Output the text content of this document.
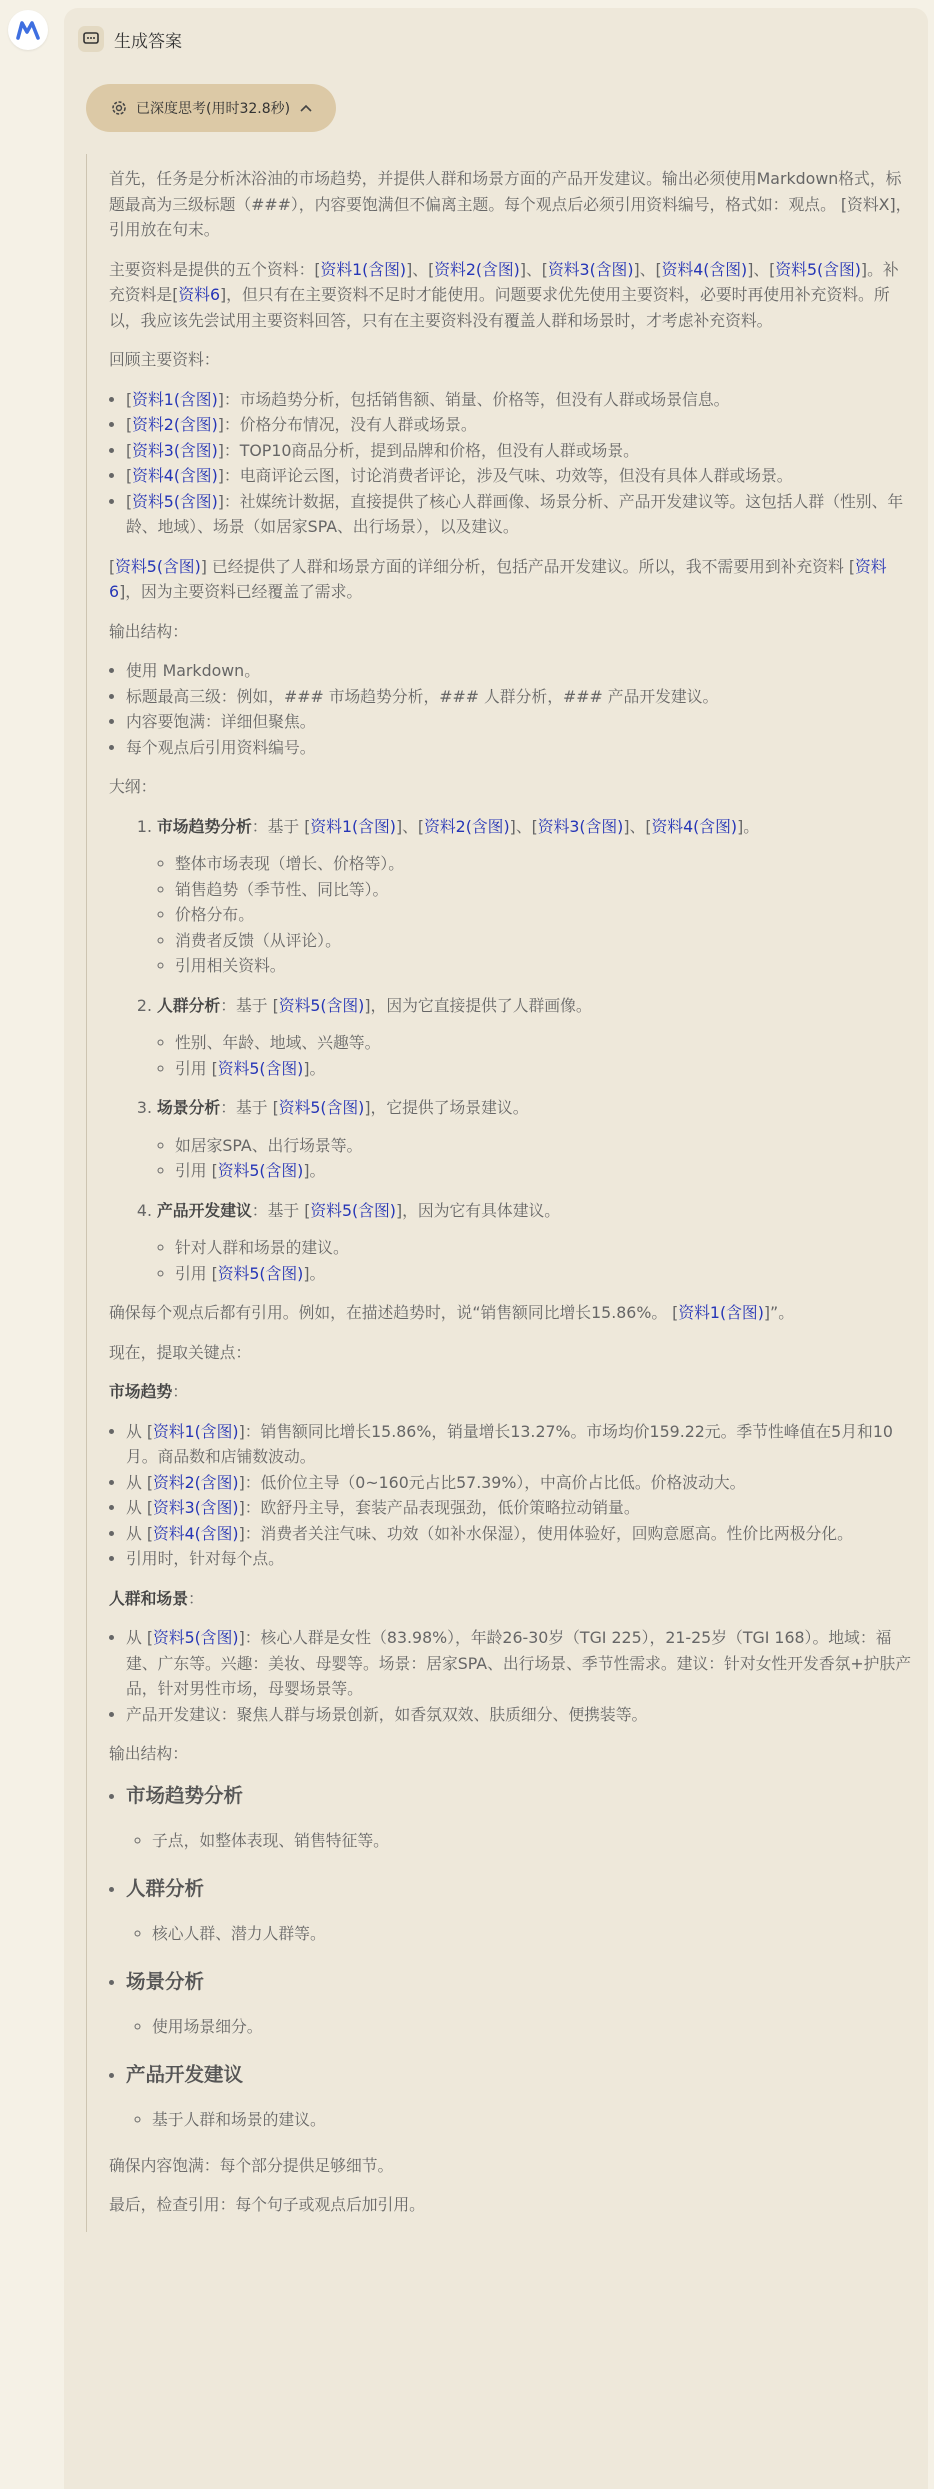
生成答案
已深度思考(用时32.8秒)

首先，任务是分析沐浴油的市场趋势，并提供人群和场景方面的产品开发建议。输出必须使用Markdown格式，标题最高为三级标题（###），内容要饱满但不偏离主题。每个观点后必须引用资料编号，格式如：观点。 [资料X]，引用放在句末。

主要资料是提供的五个资料：[资料1(含图)]、[资料2(含图)]、[资料3(含图)]、[资料4(含图)]、[资料5(含图)]。补充资料是[资料6]，但只有在主要资料不足时才能使用。问题要求优先使用主要资料，必要时再使用补充资料。所以，我应该先尝试用主要资料回答，只有在主要资料没有覆盖人群和场景时，才考虑补充资料。

回顾主要资料：

• [资料1(含图)]：市场趋势分析，包括销售额、销量、价格等，但没有人群或场景信息。
• [资料2(含图)]：价格分布情况，没有人群或场景。
• [资料3(含图)]：TOP10商品分析，提到品牌和价格，但没有人群或场景。
• [资料4(含图)]：电商评论云图，讨论消费者评论，涉及气味、功效等，但没有具体人群或场景。
• [资料5(含图)]：社媒统计数据，直接提供了核心人群画像、场景分析、产品开发建议等。这包括人群（性别、年龄、地域）、场景（如居家SPA、出行场景），以及建议。

[资料5(含图)] 已经提供了人群和场景方面的详细分析，包括产品开发建议。所以，我不需要用到补充资料 [资料6]，因为主要资料已经覆盖了需求。

输出结构：

• 使用 Markdown。
• 标题最高三级：例如，### 市场趋势分析，### 人群分析，### 产品开发建议。
• 内容要饱满：详细但聚焦。
• 每个观点后引用资料编号。

大纲：

1. 市场趋势分析：基于 [资料1(含图)]、[资料2(含图)]、[资料3(含图)]、[资料4(含图)]。
◦ 整体市场表现（增长、价格等）。
◦ 销售趋势（季节性、同比等）。
◦ 价格分布。
◦ 消费者反馈（从评论）。
◦ 引用相关资料。
2. 人群分析：基于 [资料5(含图)]，因为它直接提供了人群画像。
◦ 性别、年龄、地域、兴趣等。
◦ 引用 [资料5(含图)]。
3. 场景分析：基于 [资料5(含图)]，它提供了场景建议。
◦ 如居家SPA、出行场景等。
◦ 引用 [资料5(含图)]。
4. 产品开发建议：基于 [资料5(含图)]，因为它有具体建议。
◦ 针对人群和场景的建议。
◦ 引用 [资料5(含图)]。

确保每个观点后都有引用。例如，在描述趋势时，说“销售额同比增长15.86%。 [资料1(含图)]”。

现在，提取关键点：

市场趋势：

• 从 [资料1(含图)]：销售额同比增长15.86%，销量增长13.27%。市场均价159.22元。季节性峰值在5月和10月。商品数和店铺数波动。
• 从 [资料2(含图)]：低价位主导（0~160元占比57.39%），中高价占比低。价格波动大。
• 从 [资料3(含图)]：欧舒丹主导，套装产品表现强劲，低价策略拉动销量。
• 从 [资料4(含图)]：消费者关注气味、功效（如补水保湿），使用体验好，回购意愿高。性价比两极分化。
• 引用时，针对每个点。

人群和场景：

• 从 [资料5(含图)]：核心人群是女性（83.98%），年龄26-30岁（TGI 225），21-25岁（TGI 168）。地域：福建、广东等。兴趣：美妆、母婴等。场景：居家SPA、出行场景、季节性需求。建议：针对女性开发香氛+护肤产品，针对男性市场，母婴场景等。
• 产品开发建议：聚焦人群与场景创新，如香氛双效、肤质细分、便携装等。

输出结构：

• 市场趋势分析
◦ 子点，如整体表现、销售特征等。
• 人群分析
◦ 核心人群、潜力人群等。
• 场景分析
◦ 使用场景细分。
• 产品开发建议
◦ 基于人群和场景的建议。

确保内容饱满：每个部分提供足够细节。

最后，检查引用：每个句子或观点后加引用。
